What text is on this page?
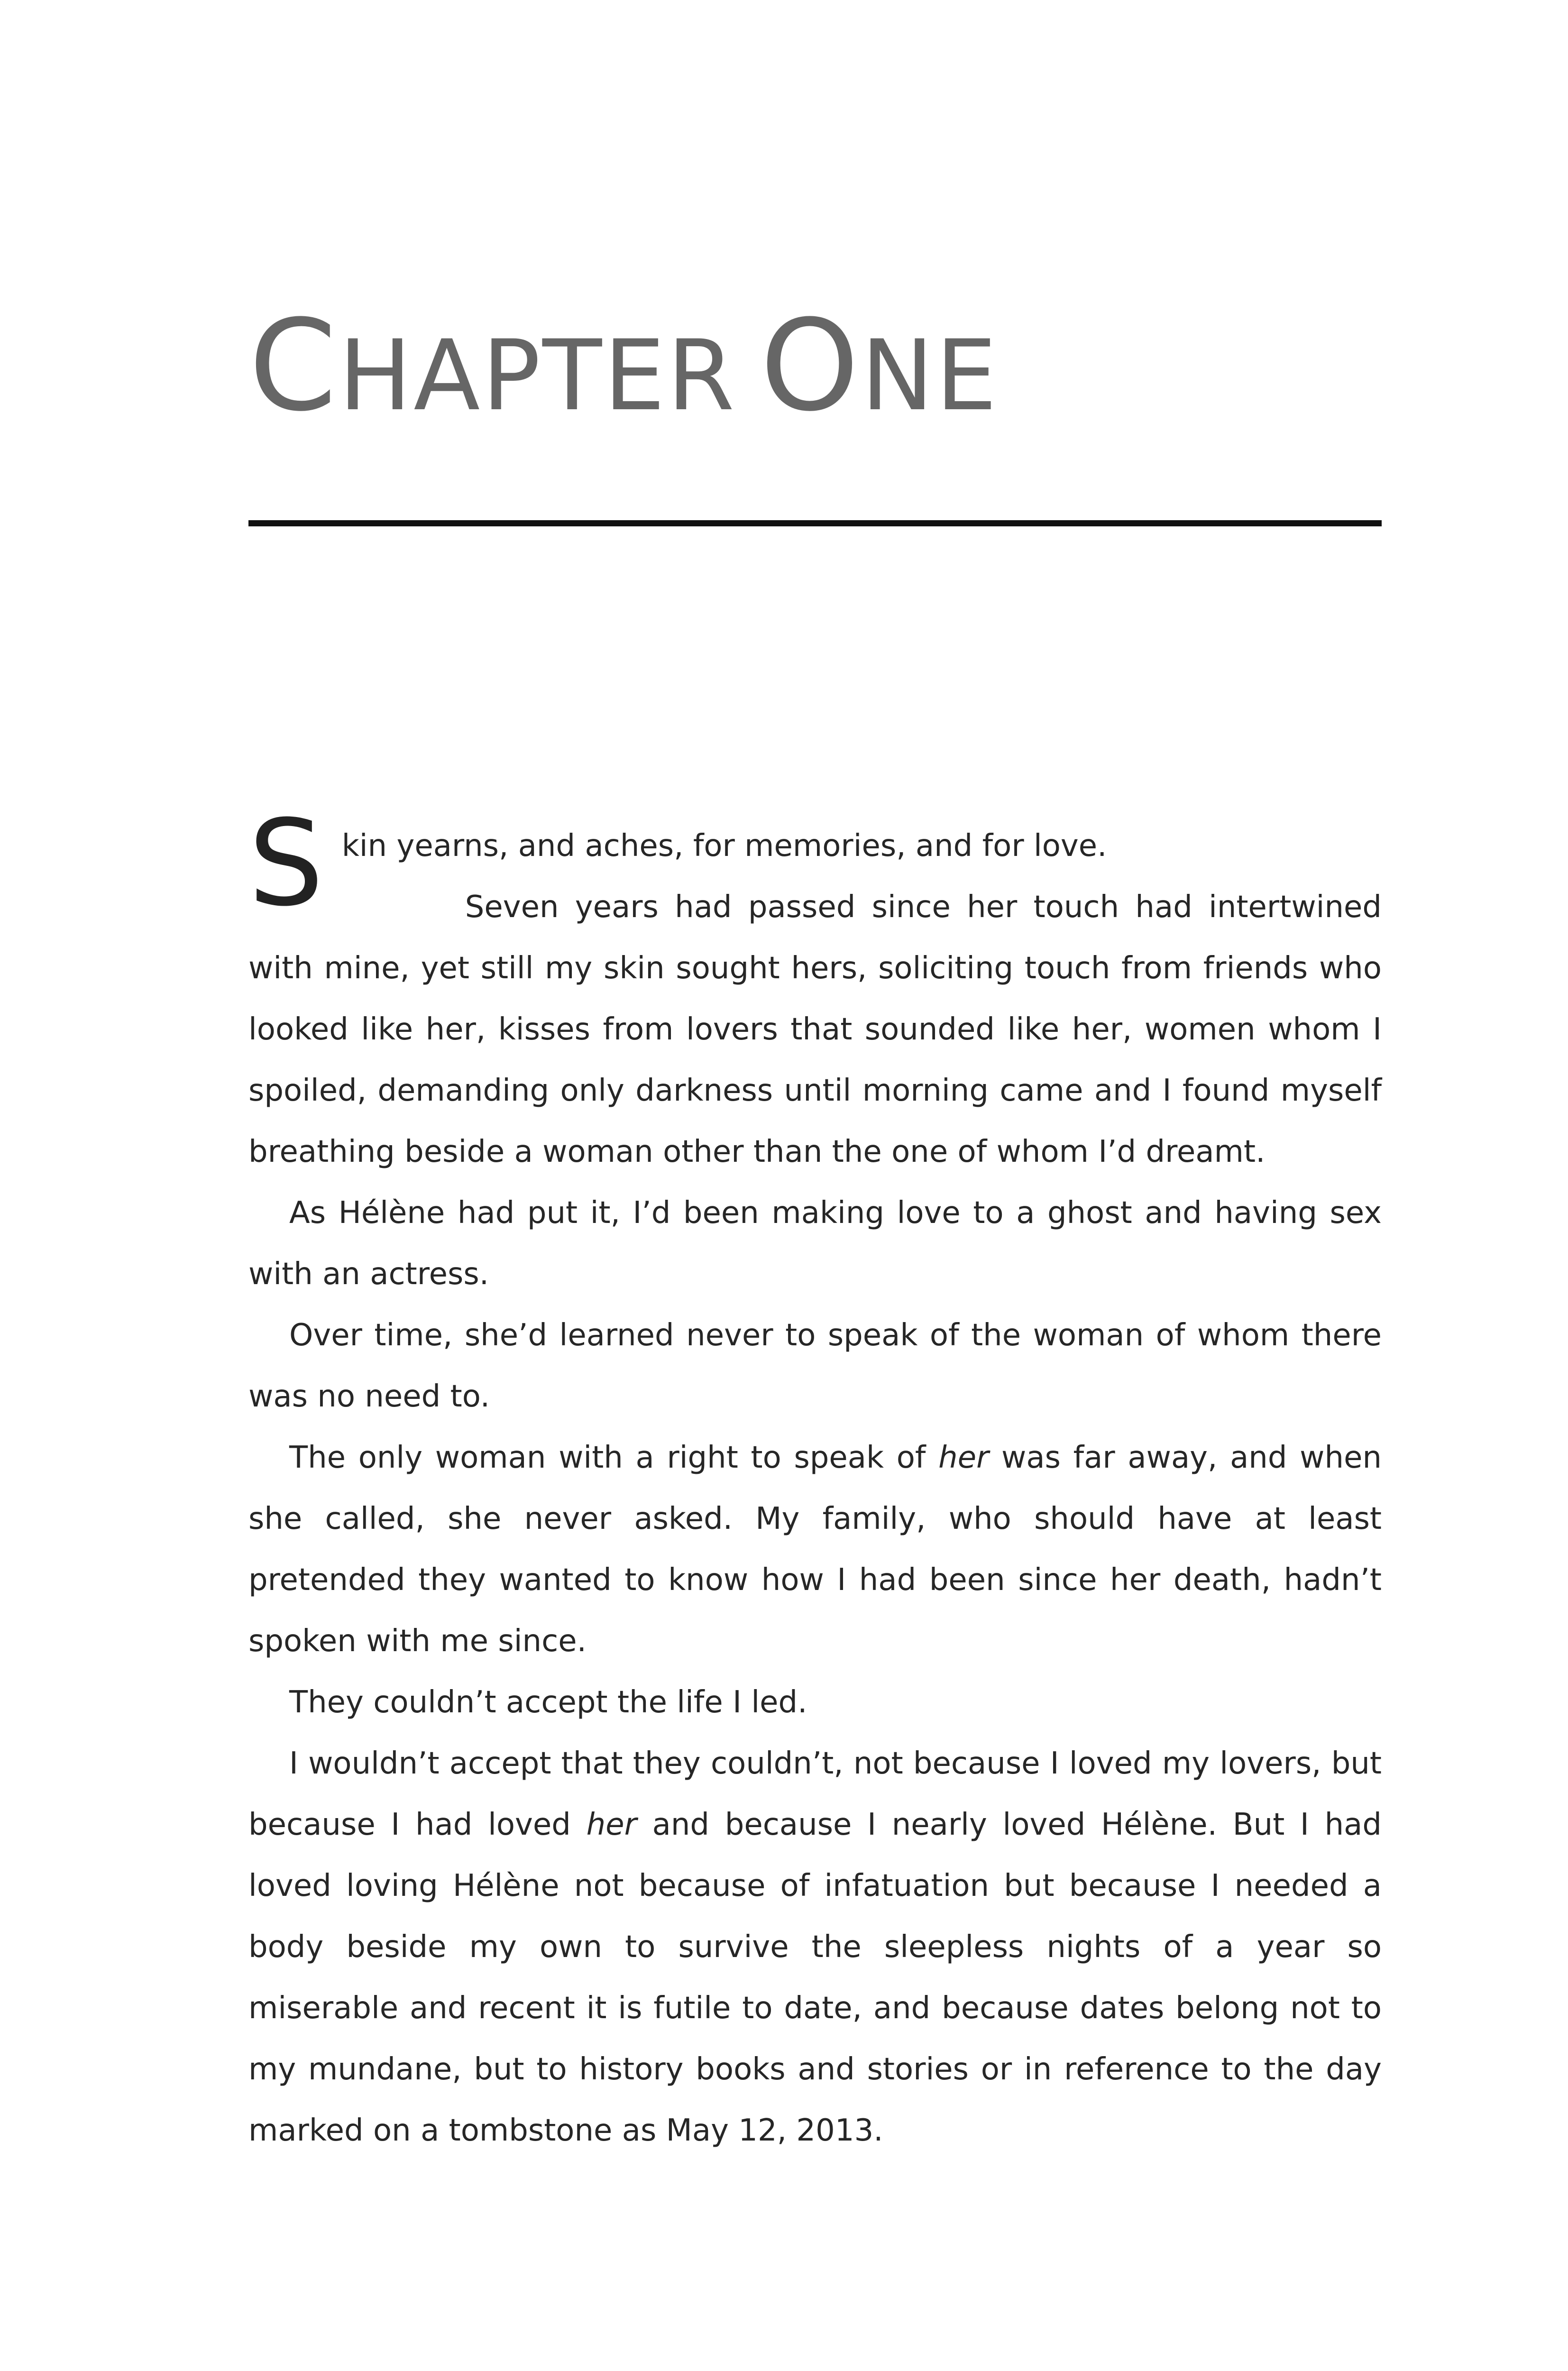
CHAPTER ONE
S kin yearns, and aches, for memories, and for love.

Seven years had passed since her touch had intertwined with mine, yet still my skin sought hers, soliciting touch from friends who looked like her, kisses from lovers that sounded like her, women whom I spoiled, demanding only darkness until morning came and I found myself breathing beside a woman other than the one of whom I’d dreamt.

As Hélène had put it, I’d been making love to a ghost and having sex with an actress.

Over time, she’d learned never to speak of the woman of whom there was no need to.

The only woman with a right to speak of her was far away, and when she called, she never asked. My family, who should have at least pretended they wanted to know how I had been since her death, hadn’t spoken with me since.

They couldn’t accept the life I led.

I wouldn’t accept that they couldn’t, not because I loved my lovers, but because I had loved her and because I nearly loved Hélène. But I had loved loving Hélène not because of infatuation but because I needed a body beside my own to survive the sleepless nights of a year so miserable and recent it is futile to date, and because dates belong not to my mundane, but to history books and stories or in reference to the day marked on a tombstone as May 12, 2013.
